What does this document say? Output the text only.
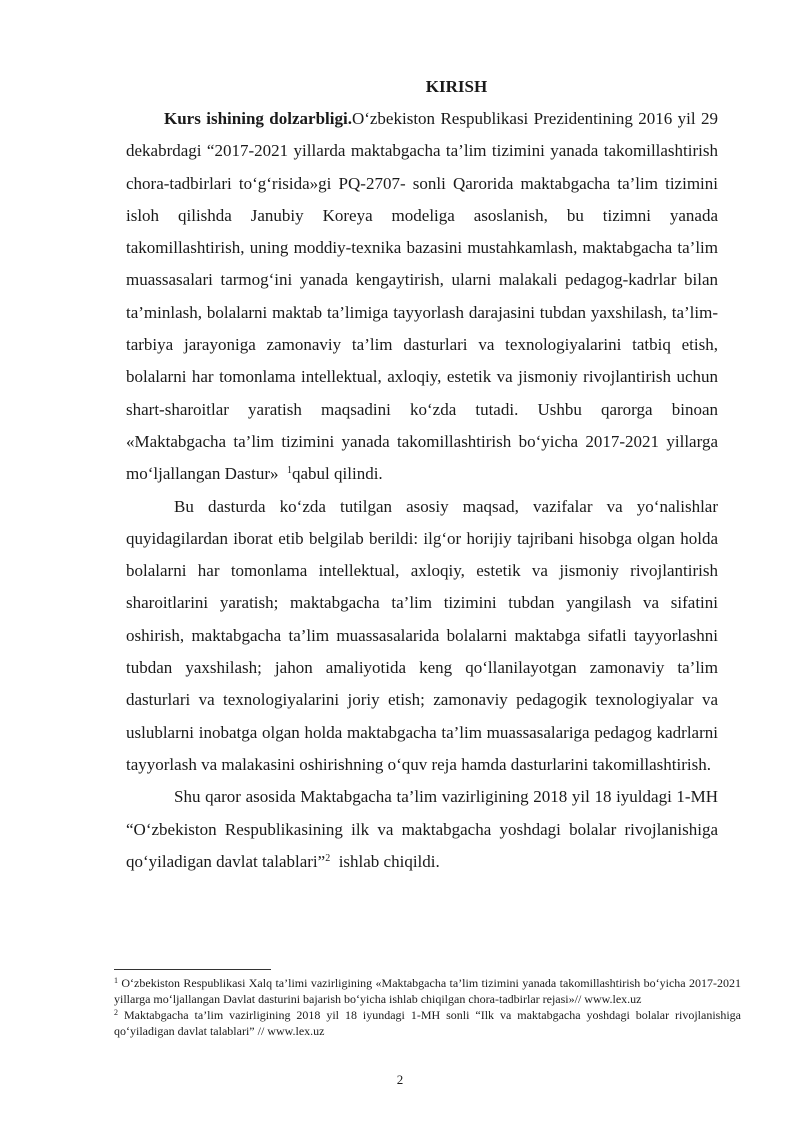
KIRISH

Kurs ishining dolzarbligi.O‘zbekiston Respublikasi Prezidentining 2016 yil 29 dekabrdagi “2017-2021 yillarda maktabgacha ta’lim tizimini yanada takomillashtirish chora-tadbirlari to‘g‘risida»gi PQ-2707- sonli Qarorida maktabgacha ta’lim tizimini isloh qilishda Janubiy Koreya modeliga asoslanish, bu tizimni yanada takomillashtirish, uning moddiy-texnika bazasini mustahkamlash, maktabgacha ta’lim muassasalari tarmog‘ini yanada kengaytirish, ularni malakali pedagog-kadrlar bilan ta’minlash, bolalarni maktab ta’limiga tayyorlash darajasini tubdan yaxshilash, ta’lim-tarbiya jarayoniga zamonaviy ta’lim dasturlari va texnologiyalarini tatbiq etish, bolalarni har tomonlama intellektual, axloqiy, estetik va jismoniy rivojlantirish uchun shart-sharoitlar yaratish maqsadini ko‘zda tutadi. Ushbu qarorga binoan «Maktabgacha ta’lim tizimini yanada takomillashtirish bo‘yicha 2017-2021 yillarga mo‘ljallangan Dastur» $^1$qabul qilindi.

Bu dasturda ko‘zda tutilgan asosiy maqsad, vazifalar va yo‘nalishlar quyidagilardan iborat etib belgilab berildi: ilg‘or horijiy tajribani hisobga olgan holda bolalarni har tomonlama intellektual, axloqiy, estetik va jismoniy rivojlantirish sharoitlarini yaratish; maktabgacha ta’lim tizimini tubdan yangilash va sifatini oshirish, maktabgacha ta’lim muassasalarida bolalarni maktabga sifatli tayyorlashni tubdan yaxshilash; jahon amaliyotida keng qo‘llanilayotgan zamonaviy ta’lim dasturlari va texnologiyalarini joriy etish; zamonaviy pedagogik texnologiyalar va uslublarni inobatga olgan holda maktabgacha ta’lim muassasalariga pedagog kadrlarni tayyorlash va malakasini oshirishning o‘quv reja hamda dasturlarini takomillashtirish.

Shu qaror asosida Maktabgacha ta’lim vazirligining 2018 yil 18 iyuldagi 1-MH “O‘zbekiston Respublikasining ilk va maktabgacha yoshdagi bolalar rivojlanishiga qo‘yiladigan davlat talablari”$^2$ ishlab chiqildi.

$^1$ O‘zbekiston Respublikasi Xalq ta’limi vazirligining «Maktabgacha ta’lim tizimini yanada takomillashtirish bo‘yicha 2017-2021 yillarga mo‘ljallangan Davlat dasturini bajarish bo‘yicha ishlab chiqilgan chora-tadbirlar rejasi»// www.lex.uz

$^2$ Maktabgacha ta’lim vazirligining 2018 yil 18 iyundagi 1-MH sonli “Ilk va maktabgacha yoshdagi bolalar rivojlanishiga qo‘yiladigan davlat talablari” // www.lex.uz

2
